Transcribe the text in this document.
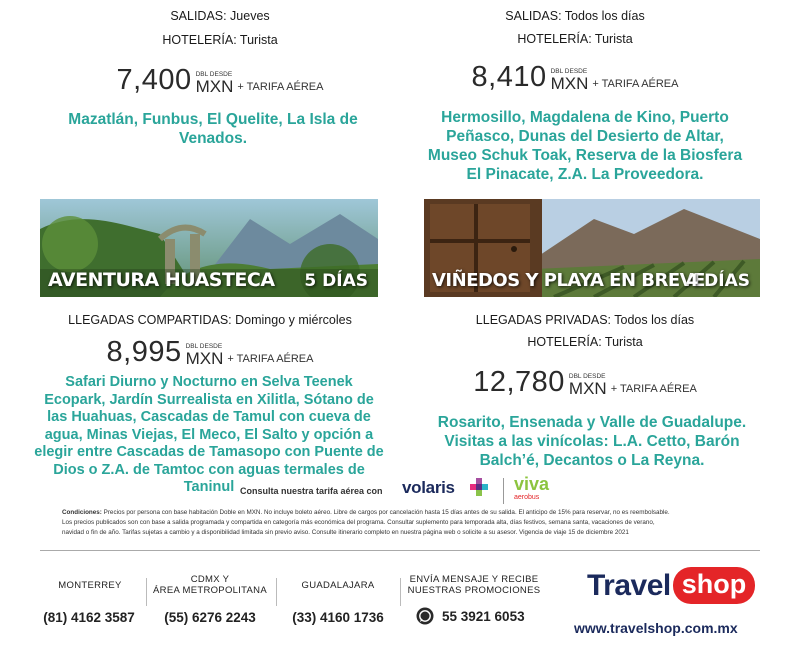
SALIDAS: Jueves
HOTELERÍA: Turista
7,400 DBL DESDE
MXN + TARIFA AÉREA
Mazatlán, Funbus, El Quelite, La Isla de Venados.
SALIDAS: Todos los días
HOTELERÍA: Turista
8,410 DBL DESDE
MXN + TARIFA AÉREA
Hermosillo, Magdalena de Kino, Puerto Peñasco, Dunas del Desierto de Altar, Museo Schuk Toak, Reserva de la Biosfera El Pinacate, Z.A. La Proveedora.
AVENTURA HUASTECA 5 DÍAS	VIÑEDOS Y PLAYA EN BREVE
4 DÍAS
LLEGADAS COMPARTIDAS: Domingo y miércoles
8,995 DBL DESDE
MXN + TARIFA AÉREA
Safari Diurno y Nocturno en Selva Teenek Ecopark, Jardín Surrealista en Xilitla, Sótano de las Huahuas, Cascadas de Tamul con cueva de agua, Minas Viejas, El Meco, El Salto y opción a elegir entre Cascadas de Tamasopo con Puente de Dios o Z.A. de Tamtoc con aguas termales de Taninul
LLEGADAS PRIVADAS: Todos los días
HOTELERÍA: Turista
12,780 DBL DESDE
MXN + TARIFA AÉREA
Rosarito, Ensenada y Valle de Guadalupe. Visitas a las vinícolas: L.A. Cetto, Barón Balch’é, Decantos o La Reyna.
Consulta nuestra tarifa aérea con volaris	viva
aerobus
Condiciones: Precios por persona con base habitación Doble en MXN. No incluye boleto aéreo. Libre de cargos por cancelación hasta 15 días antes de su salida. El anticipo de 15% para reservar, no es reembolsable.
Los precios publicados son con base a salida programada y compartida en categoría más económica del programa. Consultar suplemento para temporada alta, días festivos, semana santa, vacaciones de verano,
navidad o fin de año. Tarifas sujetas a cambio y a disponibilidad limitada sin previo aviso. Consulte itinerario completo en nuestra página web o solicite a su asesor. Vigencia de viaje 15 de diciembre 2021
MONTERREY
(81) 4162 3587
CDMX Y
ÁREA METROPOLITANA
(55) 6276 2243
GUADALAJARA
(33) 4160 1736
ENVÍA MENSAJE Y RECIBE
NUESTRAS PROMOCIONES
55 3921 6053
Travel shop
www.travelshop.com.mx
